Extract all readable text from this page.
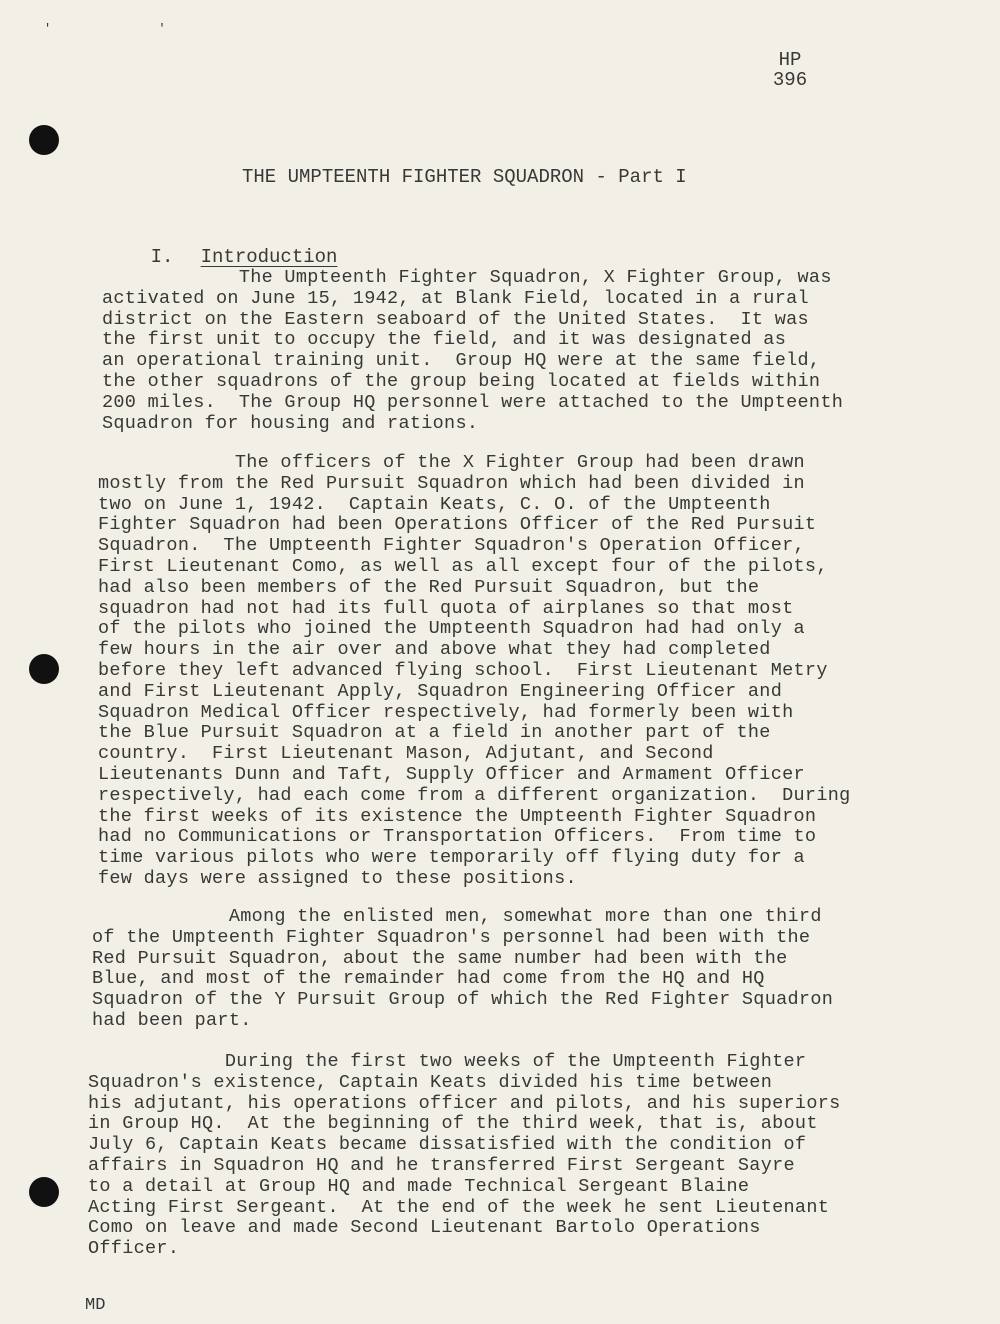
' '
HP
396
THE UMPTEENTH FIGHTER SQUADRON - Part I

I. Introduction

The Umpteenth Fighter Squadron, X Fighter Group, was
activated on June 15, 1942, at Blank Field, located in a rural
district on the Eastern seaboard of the United States.  It was
the first unit to occupy the field, and it was designated as
an operational training unit.  Group HQ were at the same field,
the other squadrons of the group being located at fields within
200 miles.  The Group HQ personnel were attached to the Umpteenth
Squadron for housing and rations.
The officers of the X Fighter Group had been drawn
mostly from the Red Pursuit Squadron which had been divided in
two on June 1, 1942.  Captain Keats, C. O. of the Umpteenth
Fighter Squadron had been Operations Officer of the Red Pursuit
Squadron.  The Umpteenth Fighter Squadron's Operation Officer,
First Lieutenant Como, as well as all except four of the pilots,
had also been members of the Red Pursuit Squadron, but the
squadron had not had its full quota of airplanes so that most
of the pilots who joined the Umpteenth Squadron had had only a
few hours in the air over and above what they had completed
before they left advanced flying school.  First Lieutenant Metry
and First Lieutenant Apply, Squadron Engineering Officer and
Squadron Medical Officer respectively, had formerly been with
the Blue Pursuit Squadron at a field in another part of the
country.  First Lieutenant Mason, Adjutant, and Second
Lieutenants Dunn and Taft, Supply Officer and Armament Officer
respectively, had each come from a different organization.  During
the first weeks of its existence the Umpteenth Fighter Squadron
had no Communications or Transportation Officers.  From time to
time various pilots who were temporarily off flying duty for a
few days were assigned to these positions.
Among the enlisted men, somewhat more than one third
of the Umpteenth Fighter Squadron's personnel had been with the
Red Pursuit Squadron, about the same number had been with the
Blue, and most of the remainder had come from the HQ and HQ
Squadron of the Y Pursuit Group of which the Red Fighter Squadron
had been part.
During the first two weeks of the Umpteenth Fighter
Squadron's existence, Captain Keats divided his time between
his adjutant, his operations officer and pilots, and his superiors
in Group HQ.  At the beginning of the third week, that is, about
July 6, Captain Keats became dissatisfied with the condition of
affairs in Squadron HQ and he transferred First Sergeant Sayre
to a detail at Group HQ and made Technical Sergeant Blaine
Acting First Sergeant.  At the end of the week he sent Lieutenant
Como on leave and made Second Lieutenant Bartolo Operations
Officer.
MD
